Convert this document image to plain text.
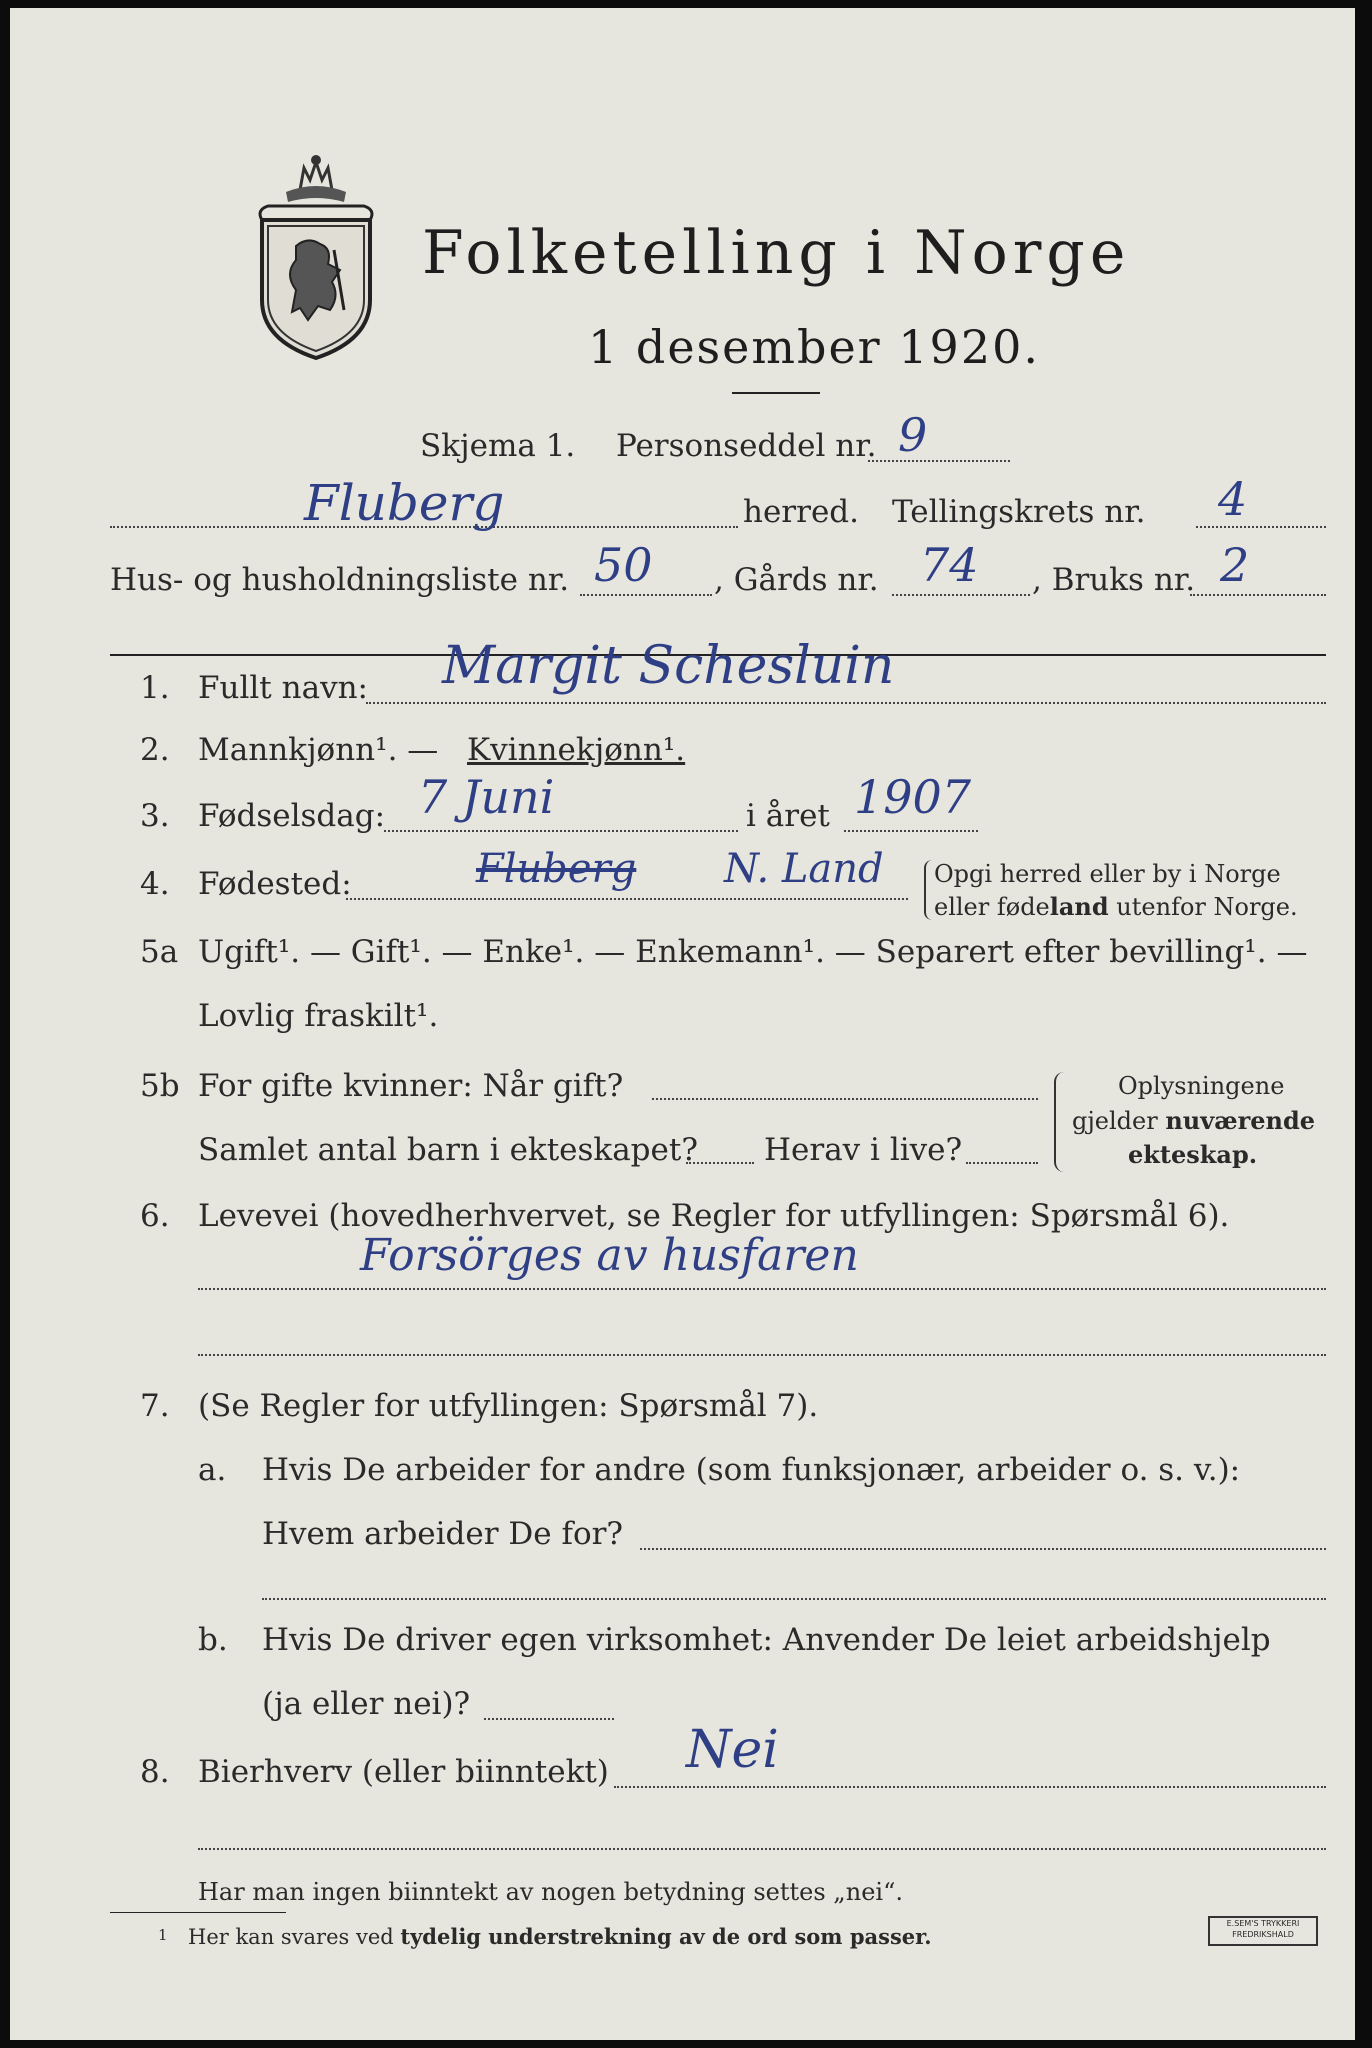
Folketelling i Norge
1 desember 1920.
Skjema 1. Personseddel nr. 9
Fluberg	herred. Tellingskrets nr. 4
Hus- og husholdningsliste nr. 50 , Gårds nr. 74 , Bruks nr. 2
1. Fullt navn: Margit Schesluin
2. Mannkjønn¹. — Kvinnekjønn¹.
3. Fødselsdag: 7 Juni	i året 1907
4. Fødested:	Fluberg N. Land Opgi herred eller by i Norge
eller fødeland utenfor Norge.
5a Ugift¹. — Gift¹. — Enke¹. — Enkemann¹. — Separert efter bevilling¹. —
Lovlig fraskilt¹.
5b For gifte kvinner: Når gift?
Samlet antal barn i ekteskapet? Herav i live?
Oplysningene
gjelder nuværende
ekteskap.
6. Levevei (hovedherhvervet, se Regler for utfyllingen: Spørsmål 6).
Forsörges av husfaren
7. (Se Regler for utfyllingen: Spørsmål 7).
a. Hvis De arbeider for andre (som funksjonær, arbeider o. s. v.):
Hvem arbeider De for?
b. Hvis De driver egen virksomhet: Anvender De leiet arbeidshjelp
(ja eller nei)?
8. Bierhverv (eller biinntekt) Nei
Har man ingen biinntekt av nogen betydning settes „nei“.
1 Her kan svares ved tydelig understrekning av de ord som passer.
E.SEM'S TRYKKERI FREDRIKSHALD
